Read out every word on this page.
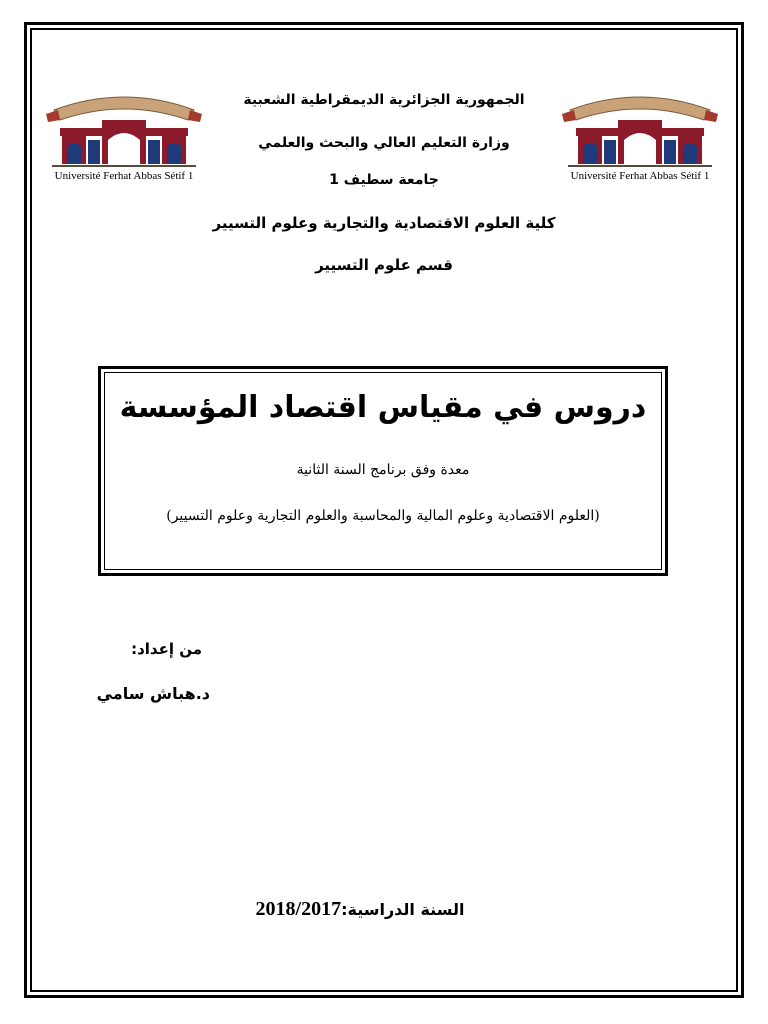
Université Ferhat Abbas Sétif 1	Université Ferhat Abbas Sétif 1
الجمهورية الجزائرية الديمقراطية الشعبية
وزارة التعليم العالي والبحث والعلمي
جامعة سطيف 1
كلية العلوم الاقتصادية والتجارية وعلوم التسيير
قسم علوم التسيير
دروس في مقياس اقتصاد المؤسسة
معدة وفق برنامج السنة الثانية
(العلوم الاقتصادية وعلوم المالية والمحاسبة والعلوم التجارية وعلوم التسيير)
من إعداد:
د.هباش سامي
السنة الدراسية:2018/2017
